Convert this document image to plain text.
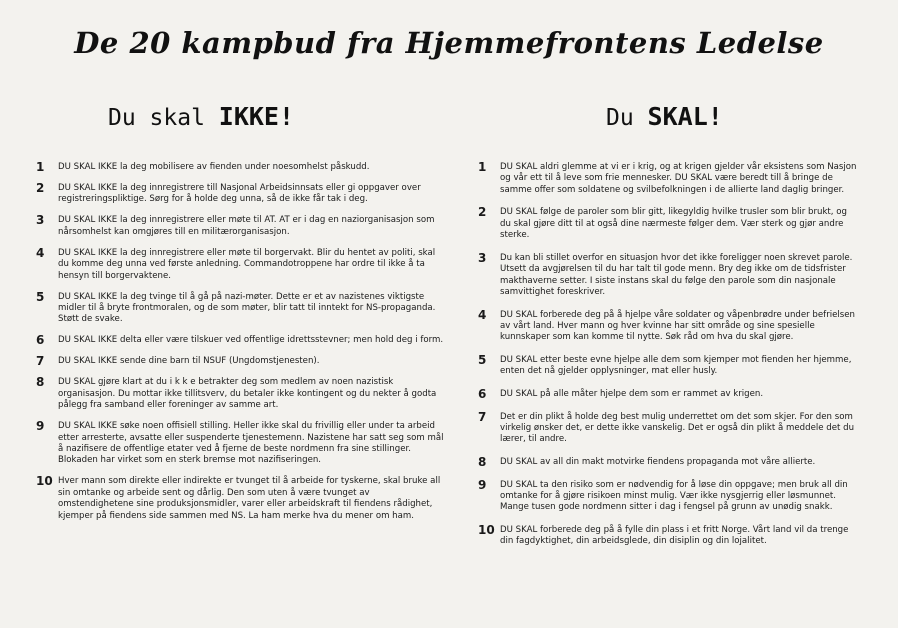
De 20 kampbud fra Hjemmefrontens Ledelse
Du skal IKKE!	Du SKAL!
1	DU SKAL IKKE la deg mobilisere av fienden under noesomhelst påskudd.
2	DU SKAL IKKE la deg innregistrere till Nasjonal Arbeidsinnsats eller gi oppgaver over registreringspliktige. Sørg for å holde deg unna, så de ikke får tak i deg.
3	DU SKAL IKKE la deg innregistrere eller møte til AT. AT er i dag en naziorganisasjon som nårsomhelst kan omgjøres till en militærorganisasjon.
4	DU SKAL IKKE la deg innregistrere eller møte til borgervakt. Blir du hentet av politi, skal du komme deg unna ved første anledning. Commandotroppene har ordre til ikke å ta hensyn till borgervaktene.
5	DU SKAL IKKE la deg tvinge til å gå på nazi-møter. Dette er et av nazistenes viktigste midler til å bryte frontmoralen, og de som møter, blir tatt til inntekt for NS-propaganda. Støtt de svake.
6	DU SKAL IKKE delta eller være tilskuer ved offentlige idrettsstevner; men hold deg i form.
7	DU SKAL IKKE sende dine barn til NSUF (Ungdomstjenesten).
8	DU SKAL gjøre klart at du i k k e betrakter deg som medlem av noen nazistisk organisasjon. Du mottar ikke tillitsverv, du betaler ikke kontingent og du nekter å godta pålegg fra samband eller foreninger av samme art.
9	DU SKAL IKKE søke noen offisiell stilling. Heller ikke skal du frivillig eller under ta arbeid etter arresterte, avsatte eller suspenderte tjenestemenn. Nazistene har satt seg som mål å nazifisere de offentlige etater ved å fjerne de beste nordmenn fra sine stillinger. Blokaden har virket som en sterk bremse mot nazifiseringen.
10 Hver mann som direkte eller indirekte er tvunget til å arbeide for tyskerne, skal bruke all sin omtanke og arbeide sent og dårlig. Den som uten å være tvunget av omstendighetene sine produksjonsmidler, varer eller arbeidskraft til fiendens rådighet, kjemper på fiendens side sammen med NS. La ham merke hva du mener om ham.
1	DU SKAL aldri glemme at vi er i krig, og at krigen gjelder vår eksistens som Nasjon og vår ett til å leve som frie mennesker. DU SKAL være beredt till å bringe de samme offer som soldatene og svilbefolkningen i de allierte land daglig bringer.
2	DU SKAL følge de paroler som blir gitt, likegyldig hvilke trusler som blir brukt, og du skal gjøre ditt til at også dine nærmeste følger dem. Vær sterk og gjør andre sterke.
3	Du kan bli stillet overfor en situasjon hvor det ikke foreligger noen skrevet parole. Utsett da avgjørelsen til du har talt til gode menn. Bry deg ikke om de tidsfrister makthaverne setter. I siste instans skal du følge den parole som din nasjonale samvittighet foreskriver.
4	DU SKAL forberede deg på å hjelpe våre soldater og våpenbrødre under befrielsen av vårt land. Hver mann og hver kvinne har sitt område og sine spesielle kunnskaper som kan komme til nytte. Søk råd om hva du skal gjøre.
5	DU SKAL etter beste evne hjelpe alle dem som kjemper mot fienden her hjemme, enten det nå gjelder opplysninger, mat eller husly.
6	DU SKAL på alle måter hjelpe dem som er rammet av krigen.
7	Det er din plikt å holde deg best mulig underrettet om det som skjer. For den som virkelig ønsker det, er dette ikke vanskelig. Det er også din plikt å meddele det du lærer, til andre.
8	DU SKAL av all din makt motvirke fiendens propaganda mot våre allierte.
9	DU SKAL ta den risiko som er nødvendig for å løse din oppgave; men bruk all din omtanke for å gjøre risikoen minst mulig. Vær ikke nysgjerrig eller løsmunnet. Mange tusen gode nordmenn sitter i dag i fengsel på grunn av unødig snakk.
10 DU SKAL forberede deg på å fylle din plass i et fritt Norge. Vårt land vil da trenge din fagdyktighet, din arbeidsglede, din disiplin og din lojalitet.
